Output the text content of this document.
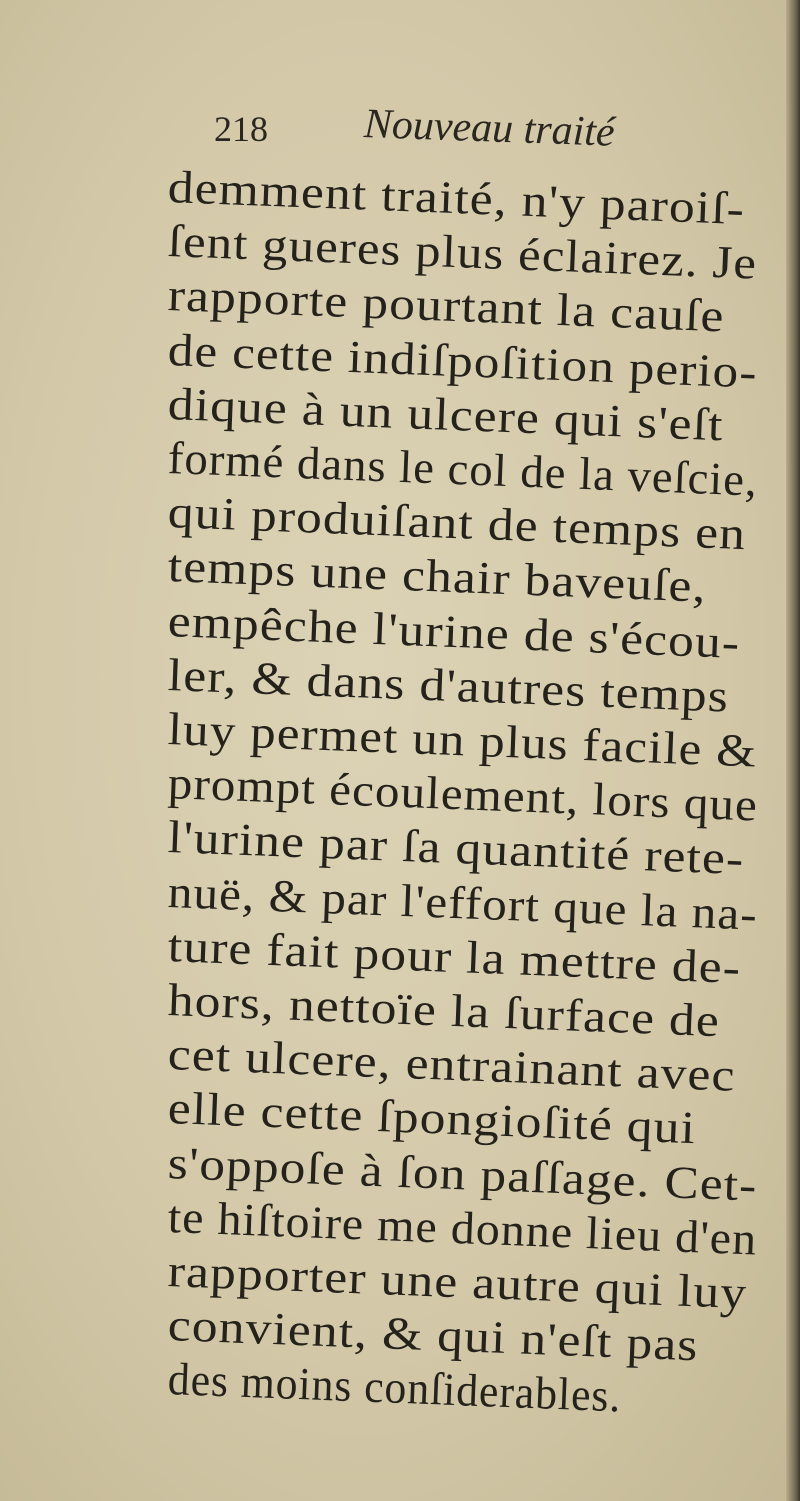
218 Nouveau traité
demment traité, n'y paroiſ-
ſent gueres plus éclairez. Je
rapporte pourtant la cauſe
de cette indiſpoſition perio-
dique à un ulcere qui s'eſt
formé dans le col de la veſcie,
qui produiſant de temps en
temps une chair baveuſe,
empêche l'urine de s'écou-
ler, & dans d'autres temps
luy permet un plus facile &
prompt écoulement, lors que
l'urine par ſa quantité rete-
nuë, & par l'effort que la na-
ture fait pour la mettre de-
hors, nettoïe la ſurface de
cet ulcere, entrainant avec
elle cette ſpongioſité qui
s'oppoſe à ſon paſſage. Cet-
te hiſtoire me donne lieu d'en
rapporter une autre qui luy
convient, & qui n'eſt pas
des moins conſiderables.
